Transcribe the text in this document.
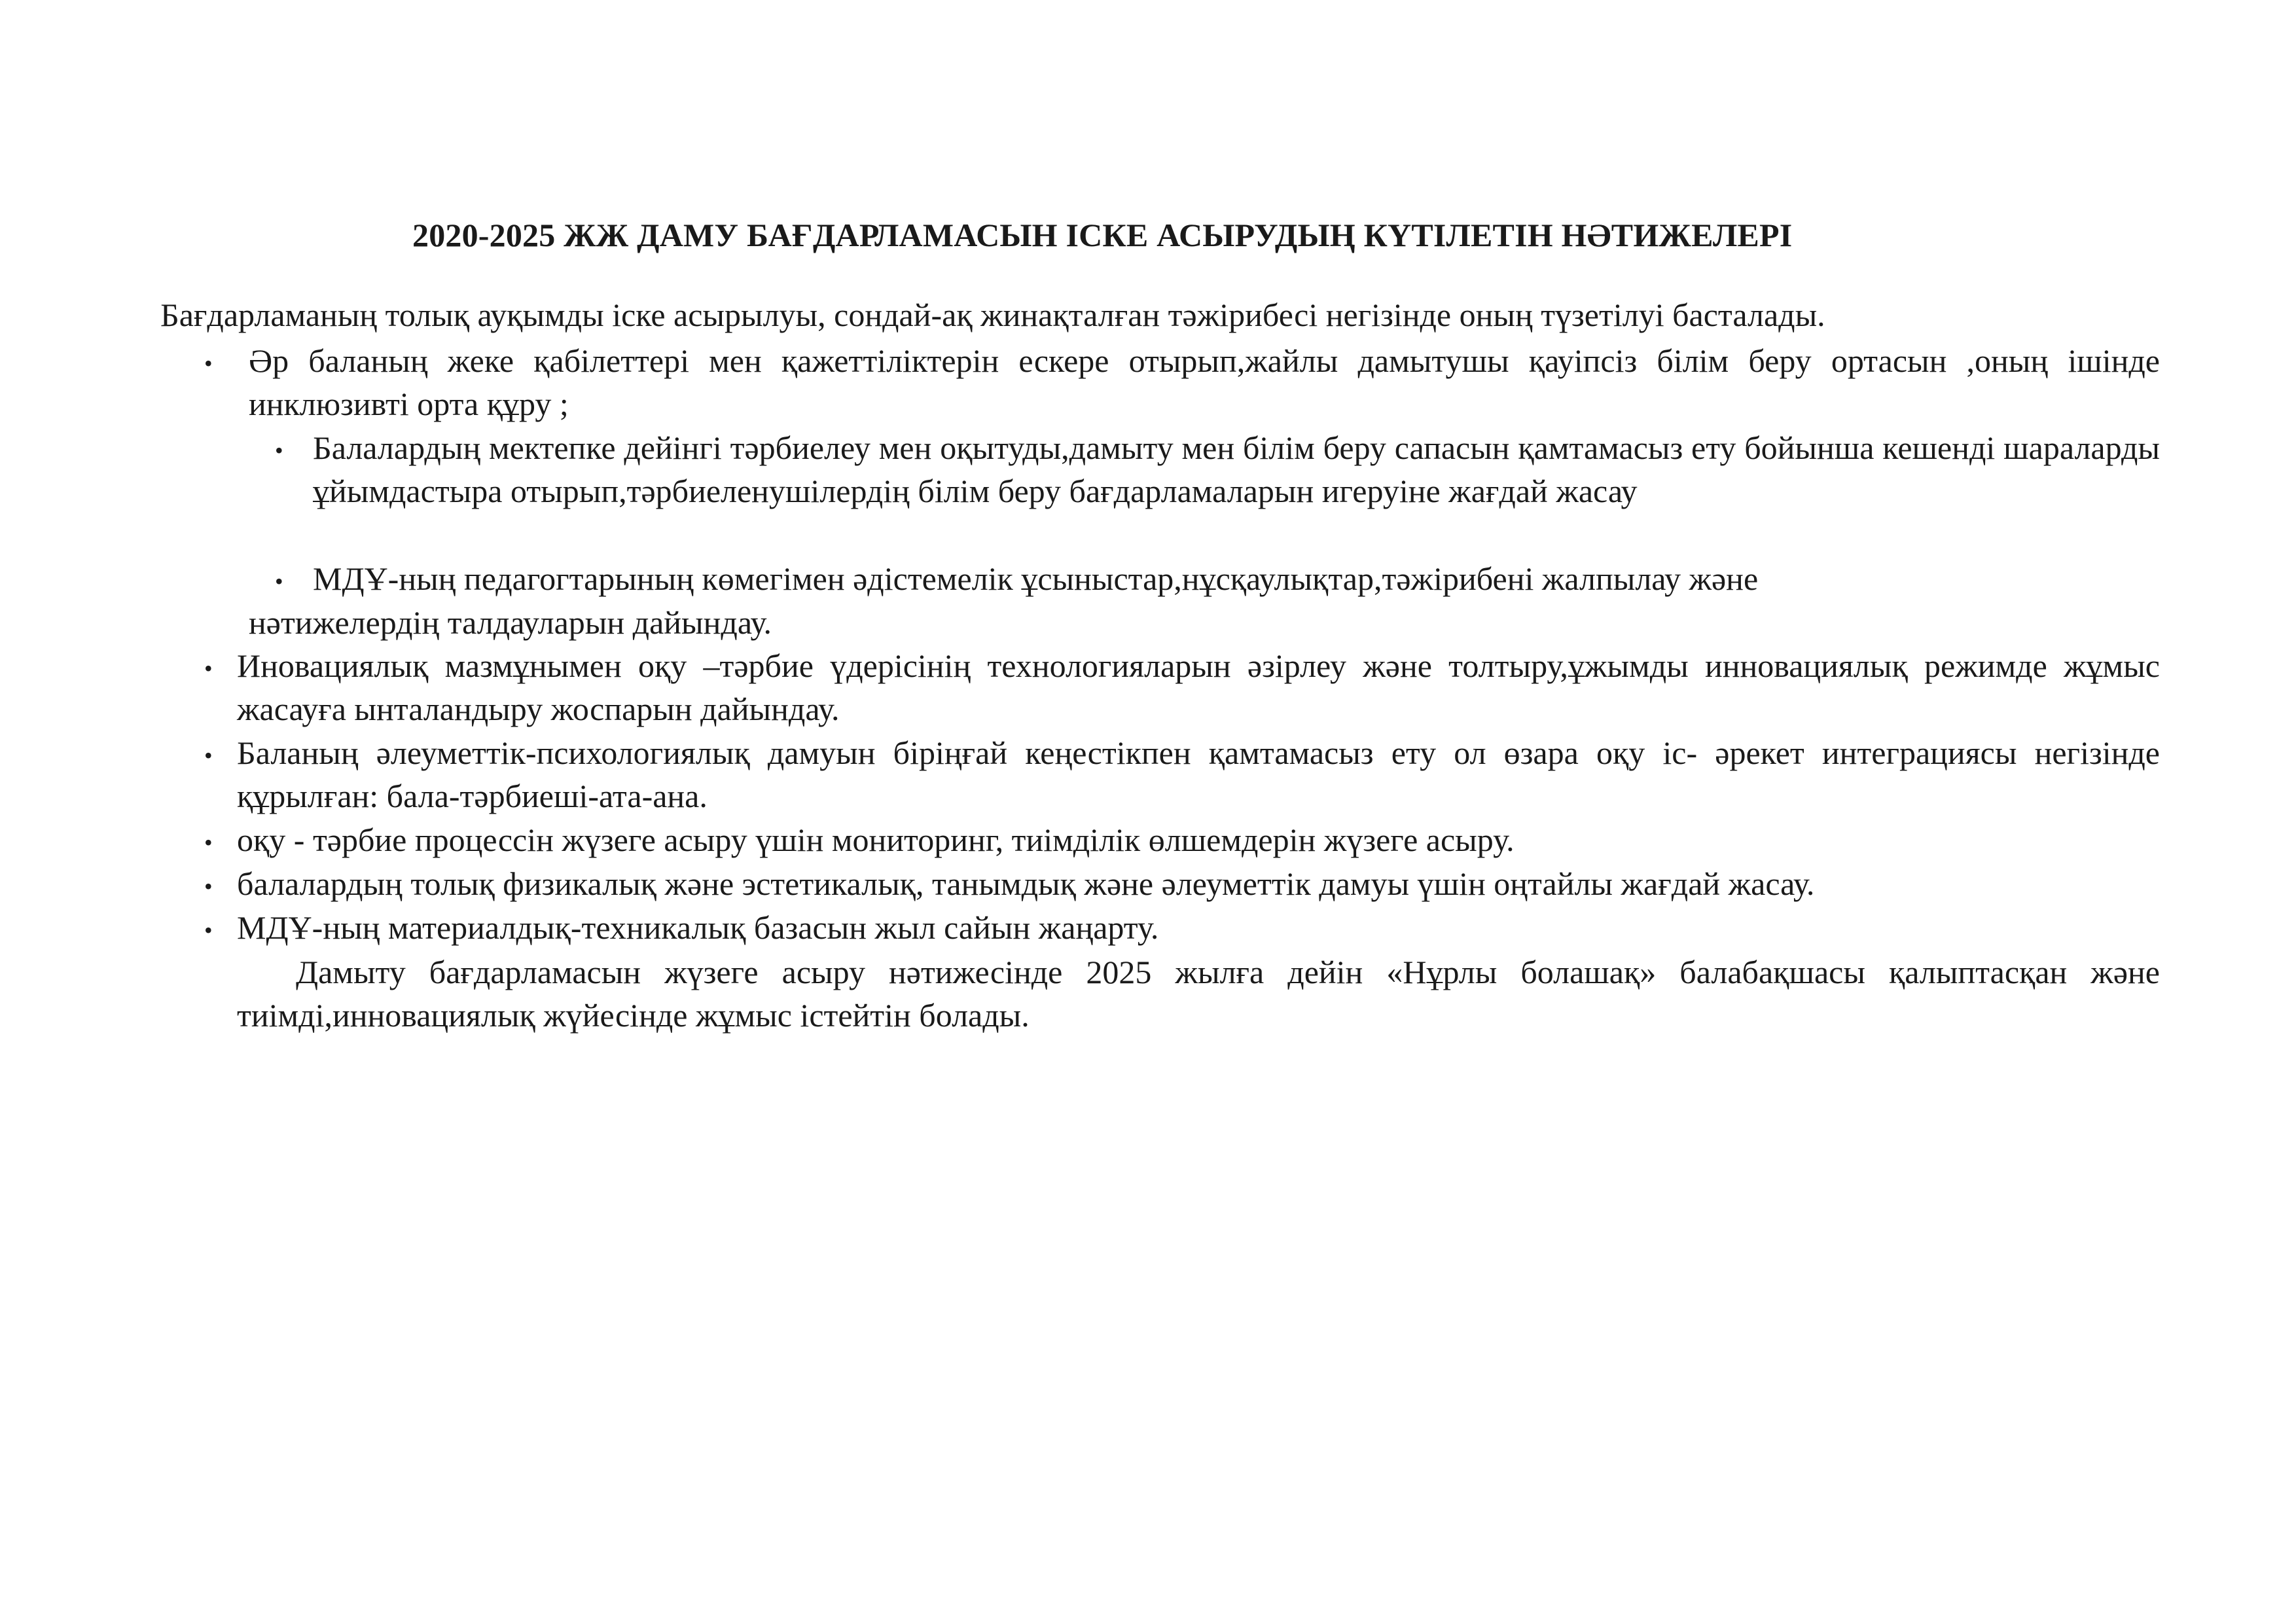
2020-2025 ЖЖ ДАМУ БАҒДАРЛАМАСЫН ІСКЕ АСЫРУДЫҢ КҮТІЛЕТІН НӘТИЖЕЛЕРІ
Бағдарламаның толық ауқымды іске асырылуы, сондай-ақ жинақталған тәжірибесі негізінде оның түзетілуі басталады.
• Әр баланың жеке қабілеттері мен қажеттіліктерін ескере отырып,жайлы дамытушы қауіпсіз білім беру ортасын ,оның ішінде инклюзивті орта құру ;
• Балалардың мектепке дейінгі тәрбиелеу мен оқытуды,дамыту мен білім беру сапасын қамтамасыз ету бойынша кешенді шараларды ұйымдастыра отырып,тәрбиеленушілердің білім беру бағдарламаларын игеруіне жағдай жасау
• МДҰ-ның педагогтарының көмегімен әдістемелік ұсыныстар,нұсқаулықтар,тәжірибені жалпылау және
нәтижелердің талдауларын дайындау.
• Иновациялық мазмұнымен оқу –тәрбие үдерісінің технологияларын әзірлеу және толтыру,ұжымды инновациялық режимде жұмыс жасауға ынталандыру жоспарын дайындау.
• Баланың әлеуметтік-психологиялық дамуын біріңғай кеңестікпен қамтамасыз ету ол өзара оқу іс- әрекет интеграциясы негізінде құрылған: бала-тәрбиеші-ата-ана.
• оқу - тәрбие процессін жүзеге асыру үшін мониторинг, тиімділік өлшемдерін жүзеге асыру.
• балалардың толық физикалық және эстетикалық, танымдық және әлеуметтік дамуы үшін оңтайлы жағдай жасау.
• МДҰ-ның материалдық-техникалық базасын жыл сайын жаңарту.
Дамыту бағдарламасын жүзеге асыру нәтижесінде 2025 жылға дейін «Нұрлы болашақ» балабақшасы қалыптасқан және тиімді,инновациялық жүйесінде жұмыс істейтін болады.
